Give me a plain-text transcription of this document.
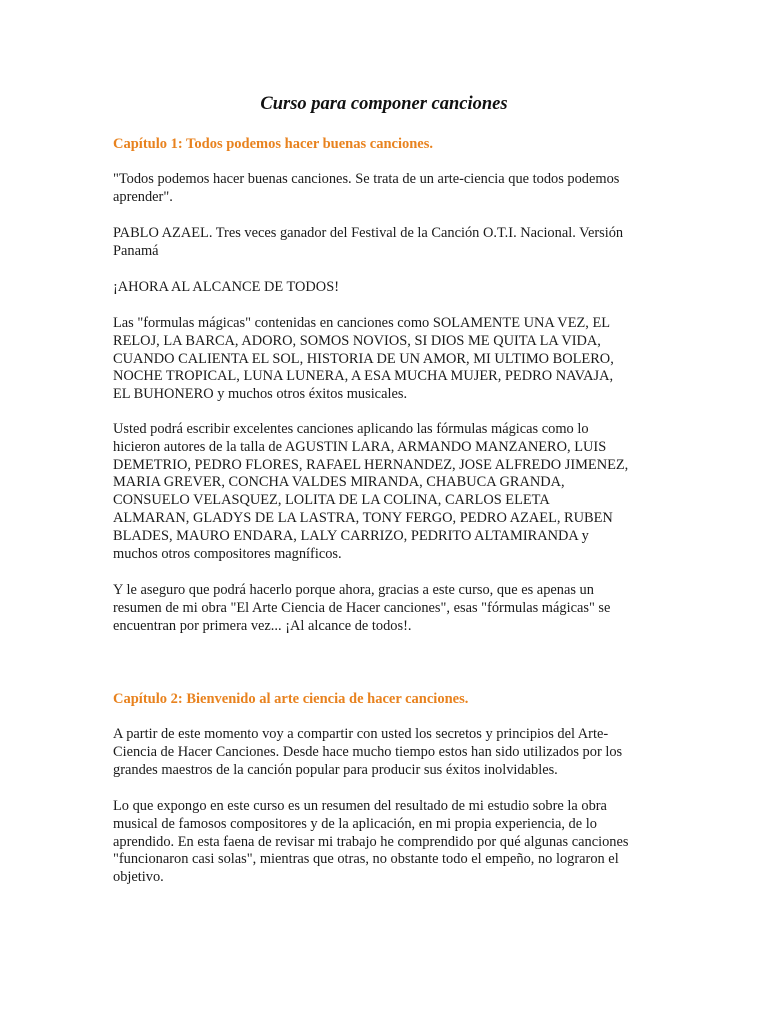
Curso para componer canciones
Capítulo 1: Todos podemos hacer buenas canciones.

"Todos podemos hacer buenas canciones. Se trata de un arte-ciencia que todos podemos
aprender".

PABLO AZAEL. Tres veces ganador del Festival de la Canción O.T.I. Nacional. Versión
Panamá

¡AHORA AL ALCANCE DE TODOS!

Las "formulas mágicas" contenidas en canciones como SOLAMENTE UNA VEZ, EL
RELOJ, LA BARCA, ADORO, SOMOS NOVIOS, SI DIOS ME QUITA LA VIDA,
CUANDO CALIENTA EL SOL, HISTORIA DE UN AMOR, MI ULTIMO BOLERO,
NOCHE TROPICAL, LUNA LUNERA, A ESA MUCHA MUJER, PEDRO NAVAJA,
EL BUHONERO y muchos otros éxitos musicales.

Usted podrá escribir excelentes canciones aplicando las fórmulas mágicas como lo
hicieron autores de la talla de AGUSTIN LARA, ARMANDO MANZANERO, LUIS
DEMETRIO, PEDRO FLORES, RAFAEL HERNANDEZ, JOSE ALFREDO JIMENEZ,
MARIA GREVER, CONCHA VALDES MIRANDA, CHABUCA GRANDA,
CONSUELO VELASQUEZ, LOLITA DE LA COLINA, CARLOS ELETA
ALMARAN, GLADYS DE LA LASTRA, TONY FERGO, PEDRO AZAEL, RUBEN
BLADES, MAURO ENDARA, LALY CARRIZO, PEDRITO ALTAMIRANDA y
muchos otros compositores magníficos.

Y le aseguro que podrá hacerlo porque ahora, gracias a este curso, que es apenas un
resumen de mi obra "El Arte Ciencia de Hacer canciones", esas "fórmulas mágicas" se
encuentran por primera vez... ¡Al alcance de todos!.

Capítulo 2: Bienvenido al arte ciencia de hacer canciones.

A partir de este momento voy a compartir con usted los secretos y principios del Arte-
Ciencia de Hacer Canciones. Desde hace mucho tiempo estos han sido utilizados por los
grandes maestros de la canción popular para producir sus éxitos inolvidables.

Lo que expongo en este curso es un resumen del resultado de mi estudio sobre la obra
musical de famosos compositores y de la aplicación, en mi propia experiencia, de lo
aprendido. En esta faena de revisar mi trabajo he comprendido por qué algunas canciones
"funcionaron casi solas", mientras que otras, no obstante todo el empeño, no lograron el
objetivo.
